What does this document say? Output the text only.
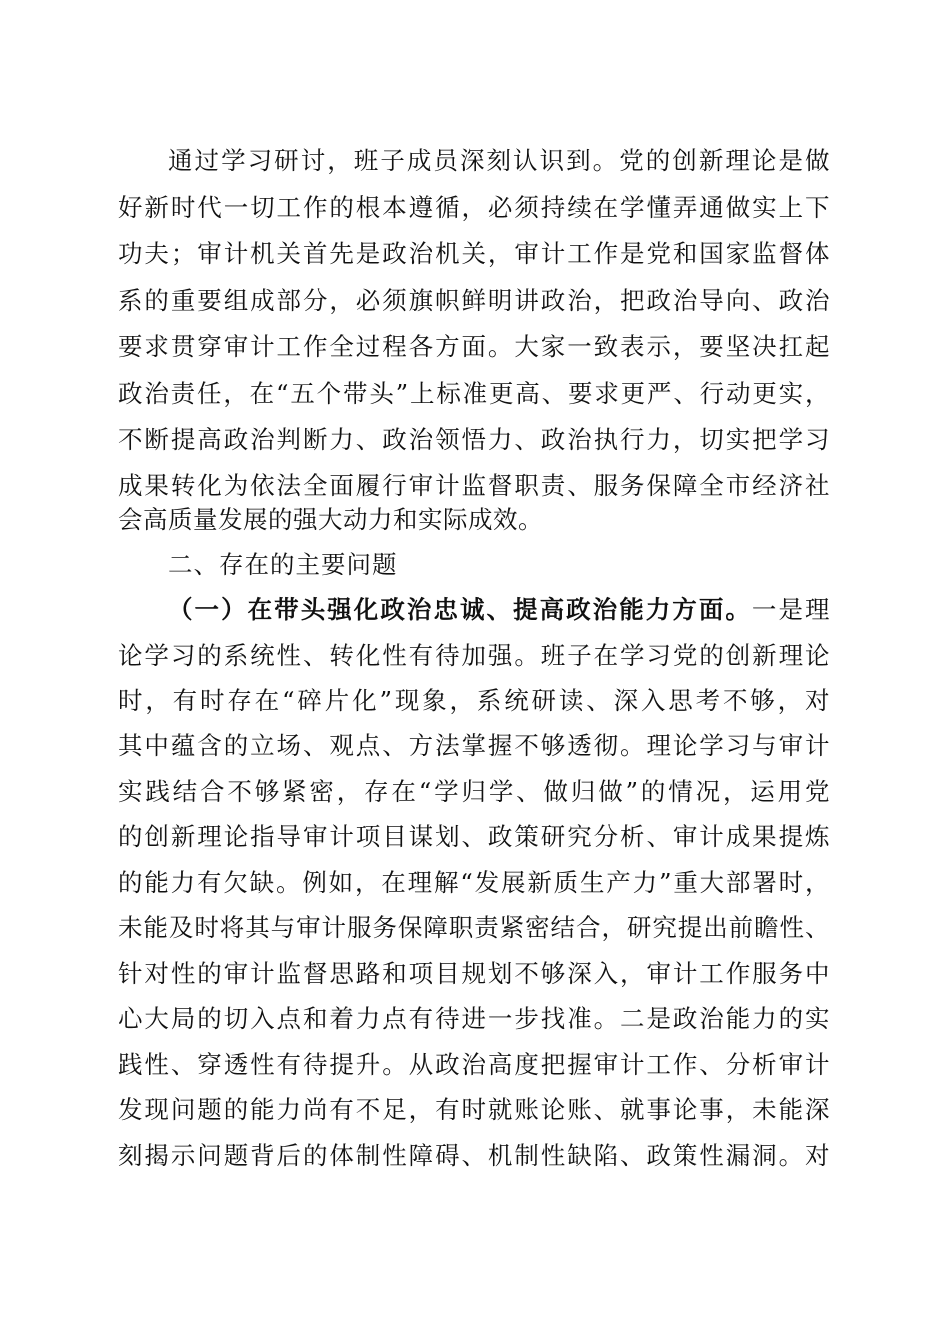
通过学习研讨，班子成员深刻认识到。党的创新理论是做
好新时代一切工作的根本遵循，必须持续在学懂弄通做实上下
功夫；审计机关首先是政治机关，审计工作是党和国家监督体
系的重要组成部分，必须旗帜鲜明讲政治，把政治导向、政治
要求贯穿审计工作全过程各方面。大家一致表示，要坚决扛起
政治责任，在“五个带头”上标准更高、要求更严、行动更实，
不断提高政治判断力、政治领悟力、政治执行力，切实把学习
成果转化为依法全面履行审计监督职责、服务保障全市经济社
会高质量发展的强大动力和实际成效。
二、存在的主要问题
（一）在带头强化政治忠诚、提高政治能力方面。一是理
论学习的系统性、转化性有待加强。班子在学习党的创新理论
时，有时存在“碎片化”现象，系统研读、深入思考不够，对
其中蕴含的立场、观点、方法掌握不够透彻。理论学习与审计
实践结合不够紧密，存在“学归学、做归做”的情况，运用党
的创新理论指导审计项目谋划、政策研究分析、审计成果提炼
的能力有欠缺。例如，在理解“发展新质生产力”重大部署时，
未能及时将其与审计服务保障职责紧密结合，研究提出前瞻性、
针对性的审计监督思路和项目规划不够深入，审计工作服务中
心大局的切入点和着力点有待进一步找准。二是政治能力的实
践性、穿透性有待提升。从政治高度把握审计工作、分析审计
发现问题的能力尚有不足，有时就账论账、就事论事，未能深
刻揭示问题背后的体制性障碍、机制性缺陷、政策性漏洞。对
